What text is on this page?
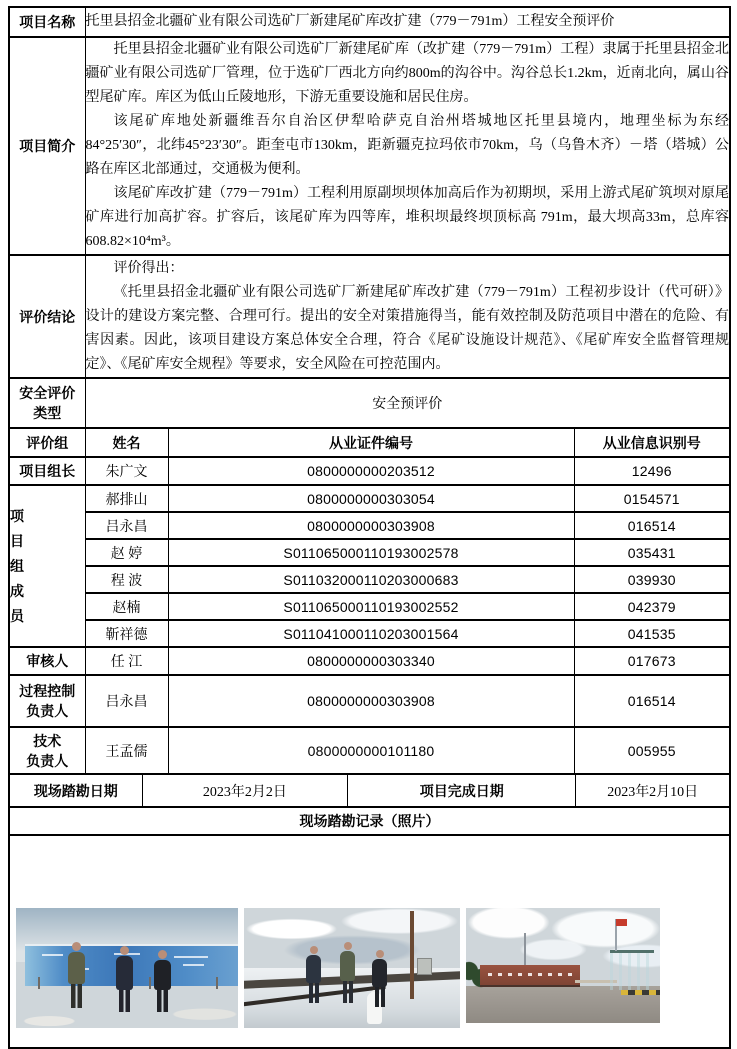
项目名称	托里县招金北疆矿业有限公司选矿厂新建尾矿库改扩建（779－791m）工程安全预评价		
项目简介	托里县招金北疆矿业有限公司选矿厂新建尾矿库（改扩建（779－791m）工程）隶属于托里县招金北疆矿业有限公司选矿厂管理，位于选矿厂西北方向约800m的沟谷中。沟谷总长1.2km，近南北向，属山谷型尾矿库。库区为低山丘陵地形，下游无重要设施和居民住房。

该尾矿库地处新疆维吾尔自治区伊犁哈萨克自治州塔城地区托里县境内，地理坐标为东经84°25′30″，北纬45°23′30″。距奎屯市130km，距新疆克拉玛依市70km，乌（乌鲁木齐）－塔（塔城）公路在库区北部通过，交通极为便利。

该尾矿库改扩建（779－791m）工程利用原副坝坝体加高后作为初期坝，采用上游式尾矿筑坝对原尾矿库进行加高扩容。扩容后，该尾矿库为四等库，堆积坝最终坝顶标高 791m，最大坝高33m，总库容608.82×10⁴m³。		

评价结论	评价得出：

《托里县招金北疆矿业有限公司选矿厂新建尾矿库改扩建（779－791m）工程初步设计（代可研）》设计的建设方案完整、合理可行。提出的安全对策措施得当，能有效控制及防范项目中潜在的危险、有害因素。因此，该项目建设方案总体安全合理，符合《尾矿设施设计规范》、《尾矿库安全监督管理规定》、《尾矿库安全规程》等要求，安全风险在可控范围内。		

安全评价
类型	安全预评价		
评价组	姓名	从业证件编号	从业信息识别号
项目组长	朱广文	0800000000203512	12496

项
目
组
成
员	郝排山	0800000000303054	0154571
	吕永昌	0800000000303908	016514
	赵 婷	S011065000110193002578	035431
	程 波	S011032000110203000683	039930
	赵楠	S011065000110193002552	042379
	靳祥德	S011041000110203001564	041535
审核人	任 江	0800000000303340	017673

过程控制
负责人	吕永昌	0800000000303908	016514

技术
负责人	王孟儒	0800000000101180	005955

现场踏勘日期 2023年2月2日 项目完成日期 2023年2月10日			

现场踏勘记录（照片）			
